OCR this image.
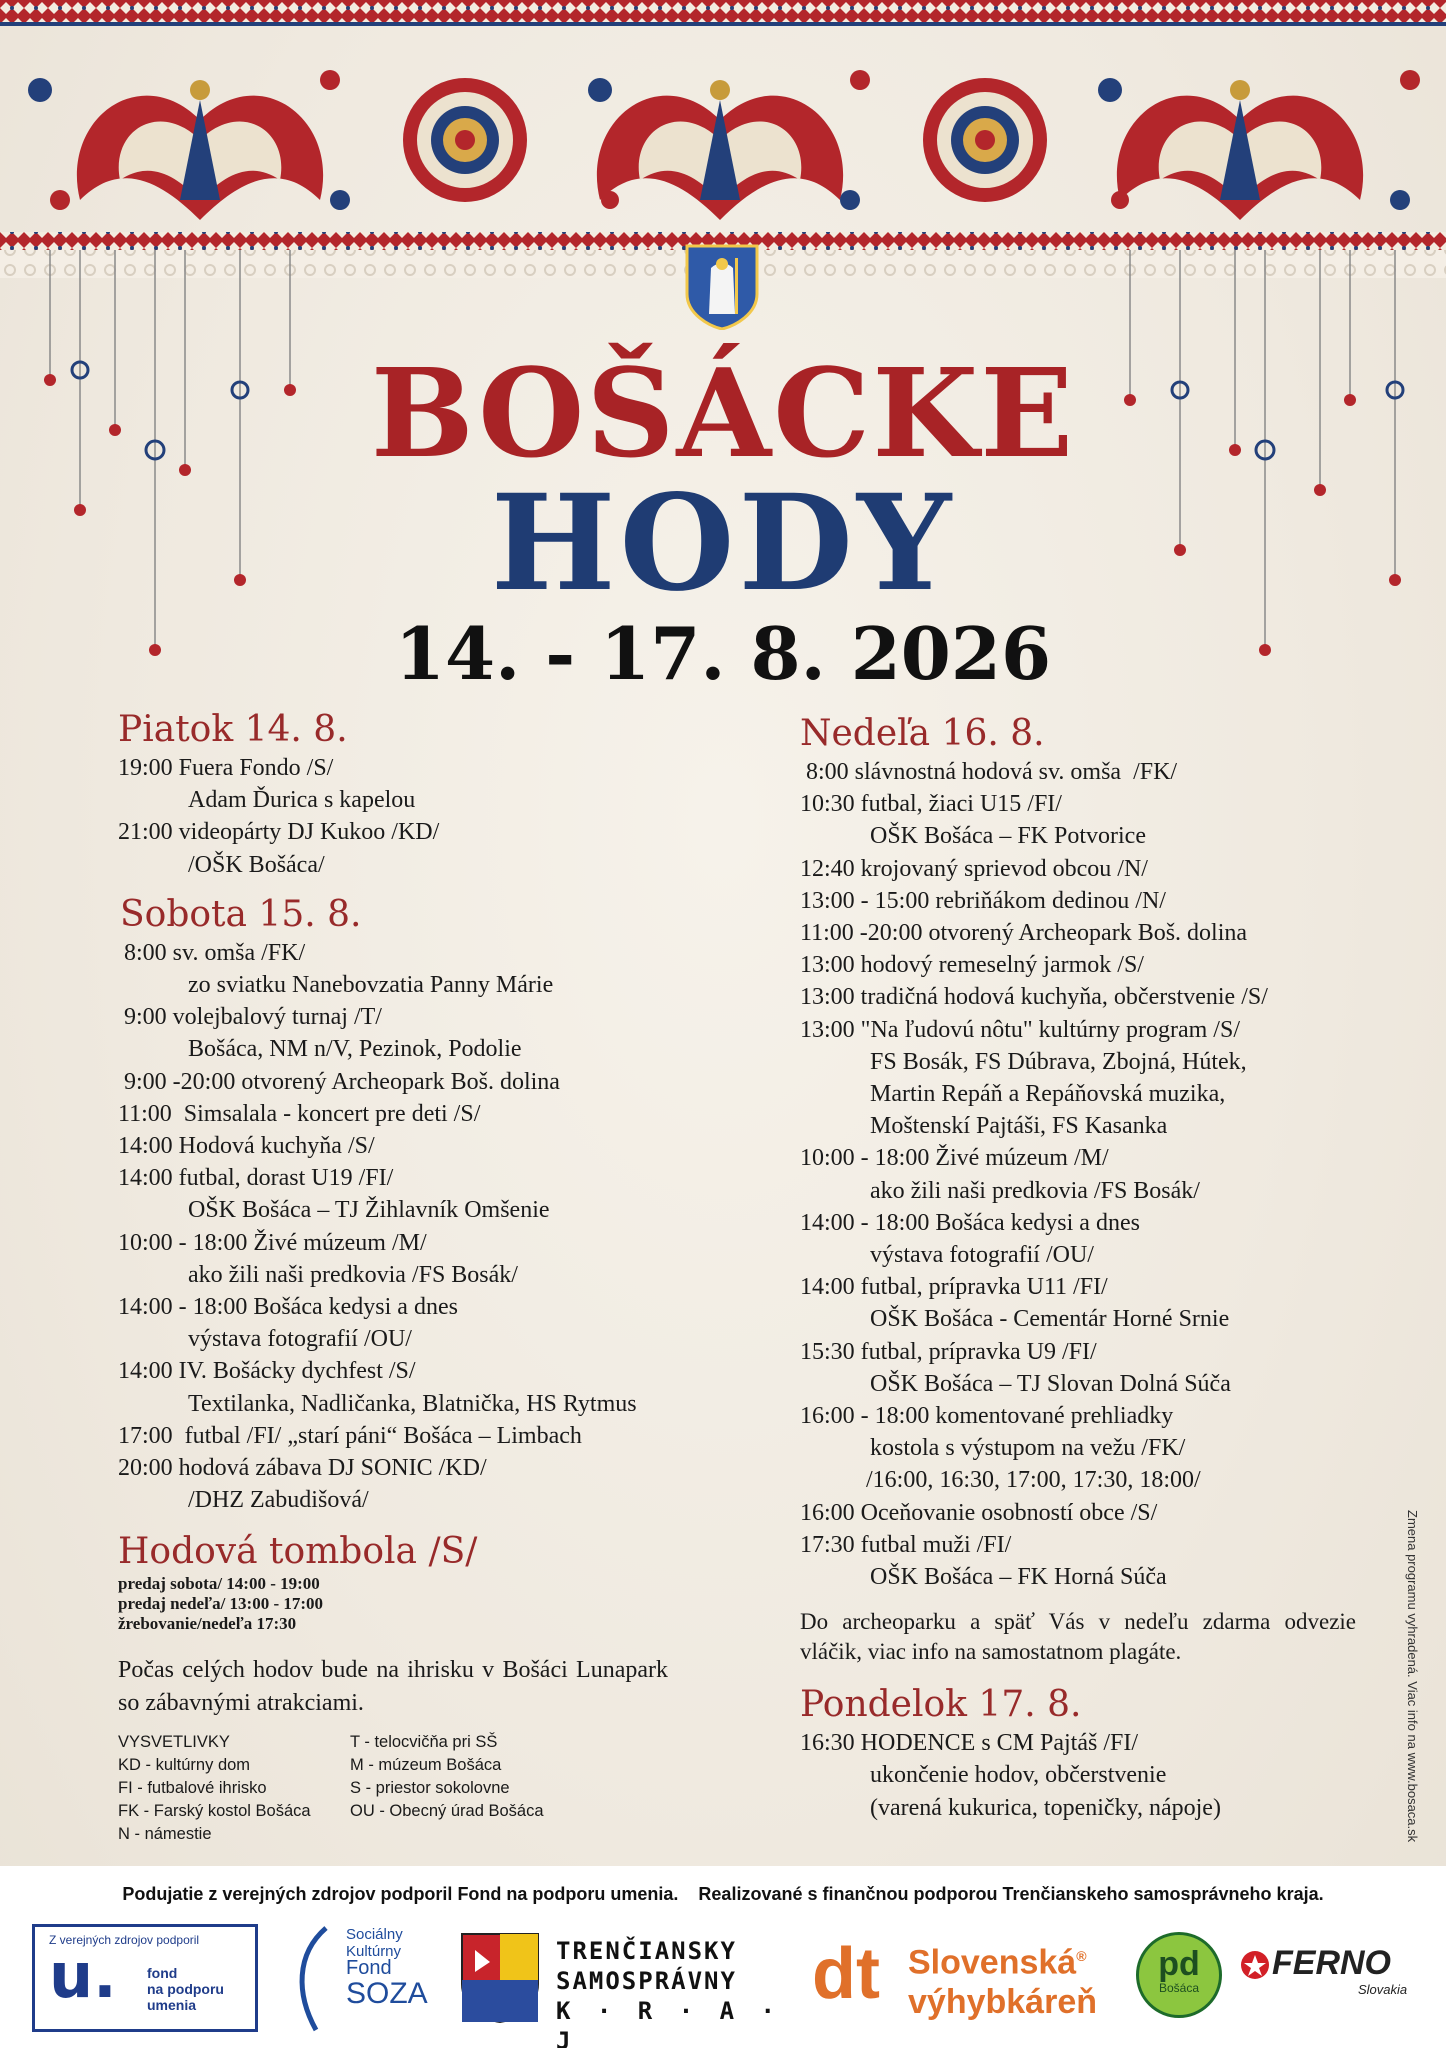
BOŠÁCKE
HODY
14. - 17. 8. 2026
Piatok 14. 8.
19:00 Fuera Fondo /S/
Adam Ďurica s kapelou
21:00 videopárty DJ Kukoo /KD/
/OŠK Bošáca/
Sobota 15. 8.
8:00 sv. omša /FK/
zo sviatku Nanebovzatia Panny Márie
9:00 volejbalový turnaj /T/
Bošáca, NM n/V, Pezinok, Podolie
9:00 -20:00 otvorený Archeopark Boš. dolina
11:00  Simsalala - koncert pre deti /S/
14:00 Hodová kuchyňa /S/
14:00 futbal, dorast U19 /FI/
OŠK Bošáca – TJ Žihlavník Omšenie
10:00 - 18:00 Živé múzeum /M/
ako žili naši predkovia /FS Bosák/
14:00 - 18:00 Bošáca kedysi a dnes
výstava fotografií /OU/
14:00 IV. Bošácky dychfest /S/
Textilanka, Nadličanka, Blatnička, HS Rytmus
17:00  futbal /FI/ „starí páni“ Bošáca – Limbach
20:00 hodová zábava DJ SONIC /KD/
/DHZ Zabudišová/
Hodová tombola /S/
predaj sobota/ 14:00 - 19:00
predaj nedeľa/ 13:00 - 17:00
žrebovanie/nedeľa 17:30
Počas celých hodov bude na ihrisku v Bošáci Lunapark so zábavnými atrakciami.
VYSVETLIVKY
KD - kultúrny dom
FI - futbalové ihrisko
FK - Farský kostol Bošáca
N - námestie
T - telocvičňa pri SŠ
M - múzeum Bošáca
S - priestor sokolovne
OU - Obecný úrad Bošáca
Nedeľa 16. 8.
8:00 slávnostná hodová sv. omša  /FK/
10:30 futbal, žiaci U15 /FI/
OŠK Bošáca – FK Potvorice
12:40 krojovaný sprievod obcou /N/
13:00 - 15:00 rebriňákom dedinou /N/
11:00 -20:00 otvorený Archeopark Boš. dolina
13:00 hodový remeselný jarmok /S/
13:00 tradičná hodová kuchyňa, občerstvenie /S/
13:00 "Na ľudovú nôtu" kultúrny program /S/
FS Bosák, FS Dúbrava, Zbojná, Hútek,
Martin Repáň a Repáňovská muzika,
Moštenskí Pajtáši, FS Kasanka
10:00 - 18:00 Živé múzeum /M/
ako žili naši predkovia /FS Bosák/
14:00 - 18:00 Bošáca kedysi a dnes
výstava fotografií /OU/
14:00 futbal, prípravka U11 /FI/
OŠK Bošáca - Cementár Horné Srnie
15:30 futbal, prípravka U9 /FI/
OŠK Bošáca – TJ Slovan Dolná Súča
16:00 - 18:00 komentované prehliadky
kostola s výstupom na vežu /FK/
/16:00, 16:30, 17:00, 17:30, 18:00/
16:00 Oceňovanie osobností obce /S/
17:30 futbal muži /FI/
OŠK Bošáca – FK Horná Súča
Do archeoparku a späť Vás v nedeľu zdarma odvezie vláčik, viac info na samostatnom plagáte.
Pondelok 17. 8.
16:30 HODENCE s CM Pajtáš /FI/
ukončenie hodov, občerstvenie
(varená kukurica, topeničky, nápoje)	Zmena programu vyhradená. Viac info na www.bosaca.sk
Podujatie z verejných zdrojov podporil Fond na podporu umenia.    Realizované s finančnou podporou Trenčianskeho samosprávneho kraja.
Z verejných zdrojov podporil
u. fond
na podporu
umenia
Sociálny
Kultúrny
Fond
SOZA
TRENČIANSKY
SAMOSPRÁVNY
K · R · A · J
dt Slovenská®
výhybkáreň
pd
Bošáca
FERNO
Slovakia
